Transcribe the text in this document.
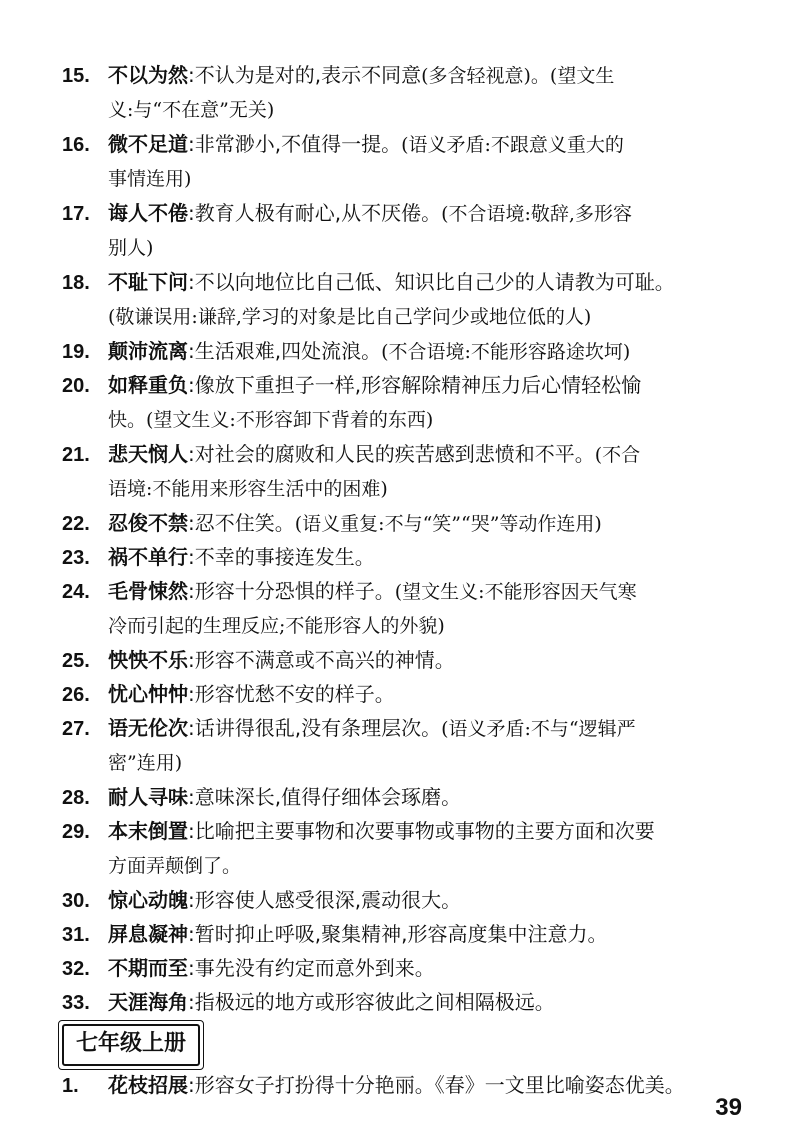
15. 不以为然:不认为是对的,表示不同意(多含轻视意)。(望文生
义:与“不在意”无关)
16. 微不足道:非常渺小,不值得一提。(语义矛盾:不跟意义重大的
事情连用)
17. 诲人不倦:教育人极有耐心,从不厌倦。(不合语境:敬辞,多形容
别人)
18. 不耻下问:不以向地位比自己低、知识比自己少的人请教为可耻。
(敬谦误用:谦辞,学习的对象是比自己学问少或地位低的人)
19. 颠沛流离:生活艰难,四处流浪。(不合语境:不能形容路途坎坷)
20. 如释重负:像放下重担子一样,形容解除精神压力后心情轻松愉
快。(望文生义:不形容卸下背着的东西)
21. 悲天悯人:对社会的腐败和人民的疾苦感到悲愤和不平。(不合
语境:不能用来形容生活中的困难)
22. 忍俊不禁:忍不住笑。(语义重复:不与“笑”“哭”等动作连用)
23. 祸不单行:不幸的事接连发生。
24. 毛骨悚然:形容十分恐惧的样子。(望文生义:不能形容因天气寒
冷而引起的生理反应;不能形容人的外貌)
25. 怏怏不乐:形容不满意或不高兴的神情。
26. 忧心忡忡:形容忧愁不安的样子。
27. 语无伦次:话讲得很乱,没有条理层次。(语义矛盾:不与“逻辑严
密”连用)
28. 耐人寻味:意味深长,值得仔细体会琢磨。
29. 本末倒置:比喻把主要事物和次要事物或事物的主要方面和次要
方面弄颠倒了。
30. 惊心动魄:形容使人感受很深,震动很大。
31. 屏息凝神:暂时抑止呼吸,聚集精神,形容高度集中注意力。
32. 不期而至:事先没有约定而意外到来。
33. 天涯海角:指极远的地方或形容彼此之间相隔极远。
七年级上册
1. 花枝招展:形容女子打扮得十分艳丽。《春》一文里比喻姿态优美。
39
